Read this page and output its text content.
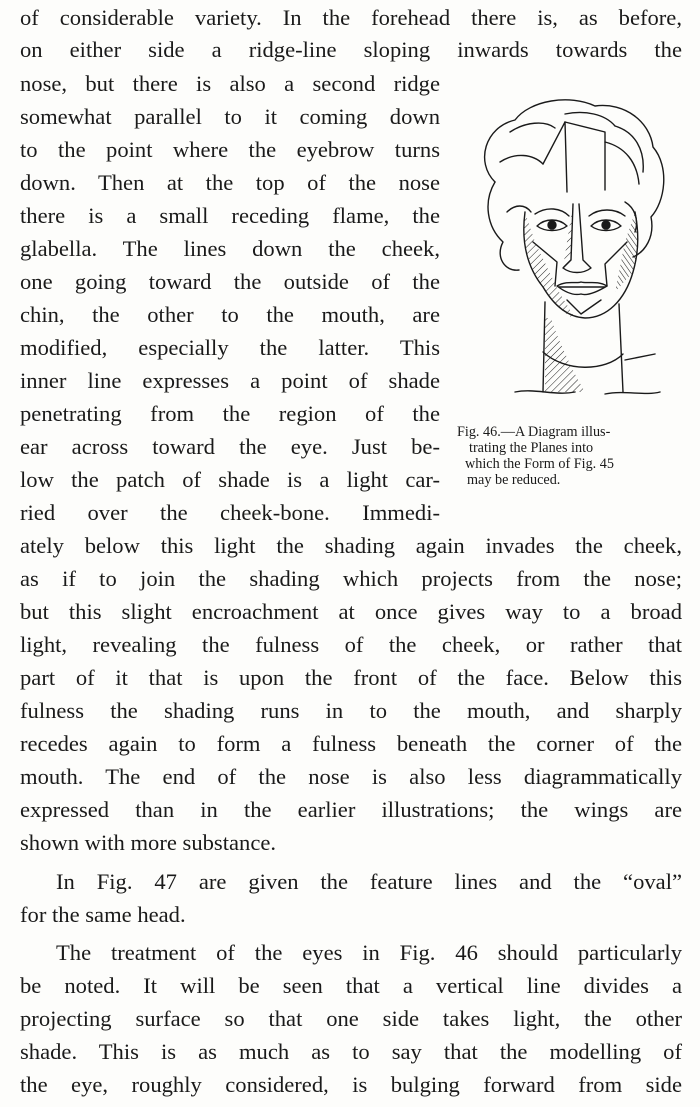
of considerable variety. In the forehead there is, as before,
on either side a ridge-line sloping inwards towards the
nose, but there is also a second ridge
somewhat parallel to it coming down
to the point where the eyebrow turns
down. Then at the top of the nose
there is a small receding flame, the
glabella. The lines down the cheek,
one going toward the outside of the
chin, the other to the mouth, are
modified, especially the latter. This
inner line expresses a point of shade
penetrating from the region of the
ear across toward the eye. Just be-
low the patch of shade is a light car-
ried over the cheek-bone. Immedi-
ately below this light the shading again invades the cheek,
as if to join the shading which projects from the nose;
but this slight encroachment at once gives way to a broad
light, revealing the fulness of the cheek, or rather that
part of it that is upon the front of the face. Below this
fulness the shading runs in to the mouth, and sharply
recedes again to form a fulness beneath the corner of the
mouth. The end of the nose is also less diagrammatically
expressed than in the earlier illustrations; the wings are
shown with more substance.
In Fig. 47 are given the feature lines and the “oval”
for the same head.
The treatment of the eyes in Fig. 46 should particularly
be noted. It will be seen that a vertical line divides a
projecting surface so that one side takes light, the other
shade. This is as much as to say that the modelling of
the eye, roughly considered, is bulging forward from side
Fig. 46.—A Diagram illus-
trating the Planes into
which the Form of Fig. 45
may be reduced.
